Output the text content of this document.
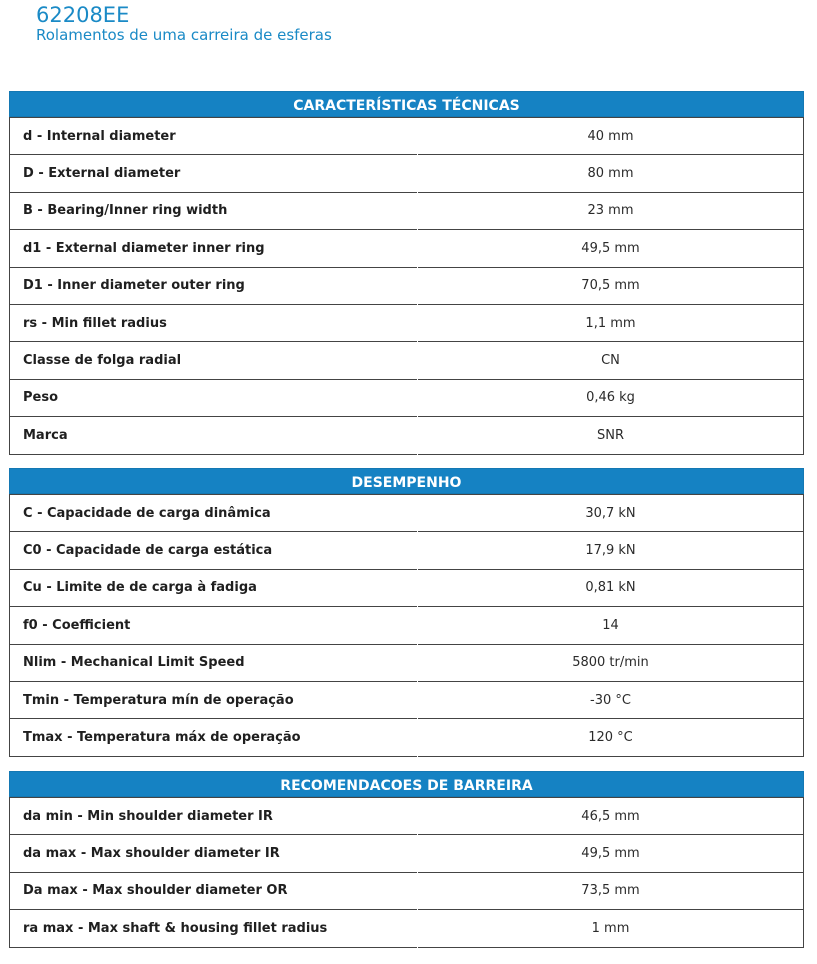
62208EE
Rolamentos de uma carreira de esferas
CARACTERÍSTICAS TÉCNICAS
d - Internal diameter	40 mm
D - External diameter	80 mm
B - Bearing/Inner ring width	23 mm
d1 - External diameter inner ring	49,5 mm
D1 - Inner diameter outer ring	70,5 mm
rs - Min fillet radius	1,1 mm
Classe de folga radial	CN
Peso	0,46 kg
Marca	SNR
DESEMPENHO
C - Capacidade de carga dinâmica	30,7 kN
C0 - Capacidade de carga estática	17,9 kN
Cu - Limite de de carga à fadiga	0,81 kN
f0 - Coefficient	14
Nlim - Mechanical Limit Speed	5800 tr/min
Tmin - Temperatura mín de operação	-30 °C
Tmax - Temperatura máx de operação	120 °C
RECOMENDACOES DE BARREIRA
da min - Min shoulder diameter IR	46,5 mm
da max - Max shoulder diameter IR	49,5 mm
Da max - Max shoulder diameter OR	73,5 mm
ra max - Max shaft & housing fillet radius	1 mm
